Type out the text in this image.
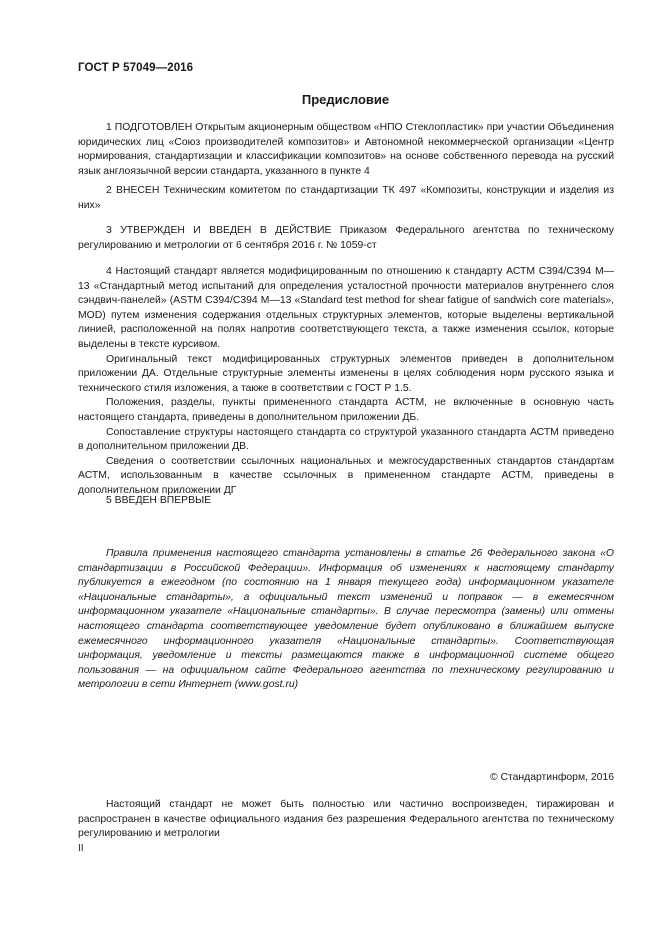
ГОСТ Р 57049—2016
Предисловие

1 ПОДГОТОВЛЕН Открытым акционерным обществом «НПО Стеклопластик» при участии Объединения юридических лиц «Союз производителей композитов» и Автономной некоммерческой организации «Центр нормирования, стандартизации и классификации композитов» на основе собственного перевода на русский язык англоязычной версии стандарта, указанного в пункте 4

2 ВНЕСЕН Техническим комитетом по стандартизации ТК 497 «Композиты, конструкции и изделия из них»

3 УТВЕРЖДЕН И ВВЕДЕН В ДЕЙСТВИЕ Приказом Федерального агентства по техническому регулированию и метрологии от 6 сентября 2016 г. № 1059-ст

4 Настоящий стандарт является модифицированным по отношению к стандарту АСТМ С394/С394 М—13 «Стандартный метод испытаний для определения усталостной прочности материалов внутреннего слоя сэндвич-панелей» (ASTM C394/C394 M—13 «Standard test method for shear fatigue of sandwich core materials», MOD) путем изменения содержания отдельных структурных элементов, которые выделены вертикальной линией, расположенной на полях напротив соответствующего текста, а также изменения ссылок, которые выделены в тексте курсивом.

Оригинальный текст модифицированных структурных элементов приведен в дополнительном приложении ДА. Отдельные структурные элементы изменены в целях соблюдения норм русского языка и технического стиля изложения, а также в соответствии с ГОСТ Р 1.5.

Положения, разделы, пункты примененного стандарта АСТМ, не включенные в основную часть настоящего стандарта, приведены в дополнительном приложении ДБ.

Сопоставление структуры настоящего стандарта со структурой указанного стандарта АСТМ приведено в дополнительном приложении ДВ.

Сведения о соответствии ссылочных национальных и межгосударственных стандартов стандартам АСТМ, использованным в качестве ссылочных в примененном стандарте АСТМ, приведены в дополнительном приложении ДГ

5 ВВЕДЕН ВПЕРВЫЕ

Правила применения настоящего стандарта установлены в статье 26 Федерального закона «О стандартизации в Российской Федерации». Информация об изменениях к настоящему стандарту публикуется в ежегодном (по состоянию на 1 января текущего года) информационном указателе «Национальные стандарты», а официальный текст изменений и поправок — в ежемесячном информационном указателе «Национальные стандарты». В случае пересмотра (замены) или отмены настоящего стандарта соответствующее уведомление будет опубликовано в ближайшем выпуске ежемесячного информационного указателя «Национальные стандарты». Соответствующая информация, уведомление и тексты размещаются также в информационной системе общего пользования — на официальном сайте Федерального агентства по техническому регулированию и метрологии в сети Интернет (www.gost.ru)

© Стандартинформ, 2016

Настоящий стандарт не может быть полностью или частично воспроизведен, тиражирован и распространен в качестве официального издания без разрешения Федерального агентства по техническому регулированию и метрологии

II
